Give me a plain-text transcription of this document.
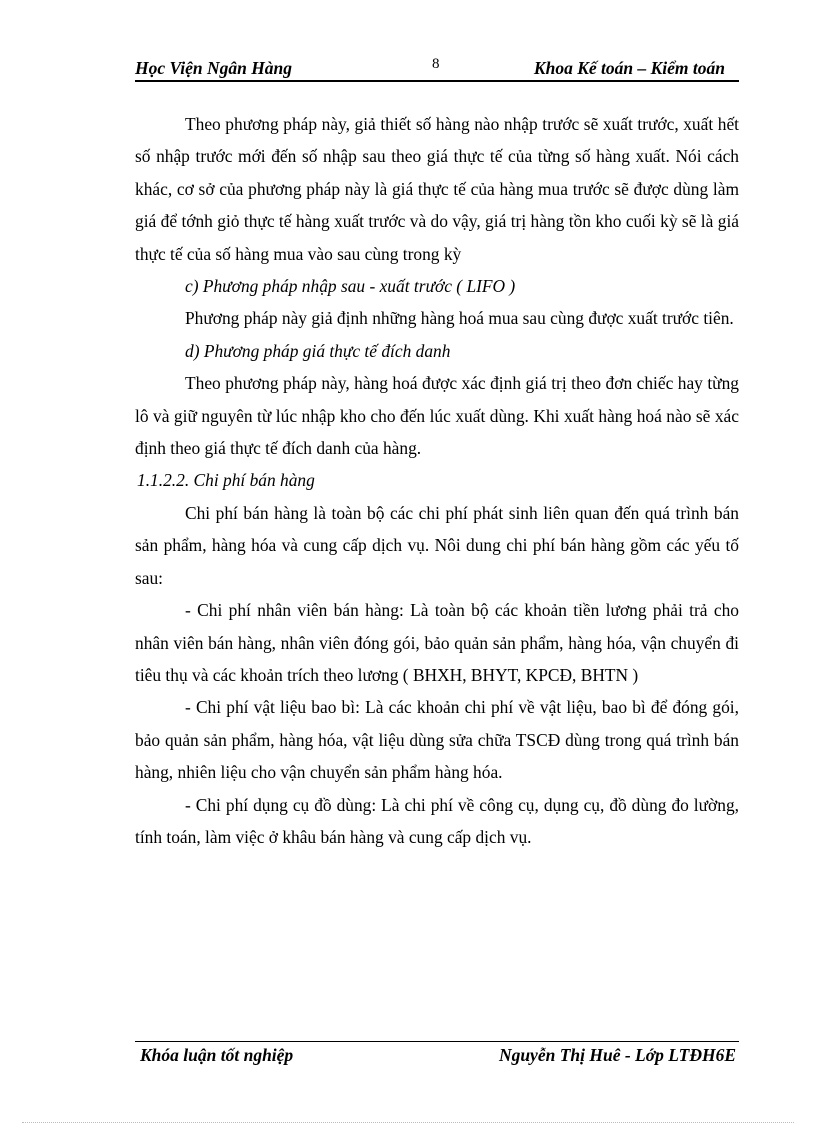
Học Viện Ngân Hàng	8	Khoa Kế toán – Kiểm toán

Theo phương pháp này, giả thiết số hàng nào nhập trước sẽ xuất trước, xuất hết số nhập trước mới đến số nhập sau theo giá thực tế của từng số hàng xuất. Nói cách khác, cơ sở của phương pháp này là giá thực tế của hàng mua trước sẽ được dùng làm giá để tớnh giỏ thực tế hàng xuất trước và do vậy, giá trị hàng tồn kho cuối kỳ sẽ là giá thực tế của số hàng mua vào sau cùng trong kỳ

c) Phương pháp nhập sau - xuất trước ( LIFO )

Phương pháp này giả định những hàng hoá mua sau cùng được xuất trước tiên.

d) Phương pháp giá thực tế đích danh

Theo phương pháp này, hàng hoá được xác định giá trị theo đơn chiếc hay từng lô và giữ nguyên từ lúc nhập kho cho đến lúc xuất dùng. Khi xuất hàng hoá nào sẽ xác định theo giá thực tế đích danh của hàng.

1.1.2.2. Chi phí bán hàng

Chi phí bán hàng là toàn bộ các chi phí phát sinh liên quan đến quá trình bán sản phẩm, hàng hóa và cung cấp dịch vụ. Nôi dung chi phí bán hàng gồm các yếu tố sau:

- Chi phí nhân viên bán hàng: Là toàn bộ các khoản tiền lương phải trả cho nhân viên bán hàng, nhân viên đóng gói, bảo quản sản phẩm, hàng hóa, vận chuyển đi tiêu thụ và các khoản trích theo lương ( BHXH, BHYT, KPCĐ, BHTN )

- Chi phí vật liệu bao bì: Là các khoản chi phí về vật liệu, bao bì để đóng gói, bảo quản sản phẩm, hàng hóa, vật liệu dùng sửa chữa TSCĐ dùng trong quá trình bán hàng, nhiên liệu cho vận chuyển sản phẩm hàng hóa.

- Chi phí dụng cụ đồ dùng: Là chi phí về công cụ, dụng cụ, đồ dùng đo lường, tính toán, làm việc ở khâu bán hàng và cung cấp dịch vụ.

Khóa luận tốt nghiệp	Nguyễn Thị Huê - Lớp LTĐH6E
